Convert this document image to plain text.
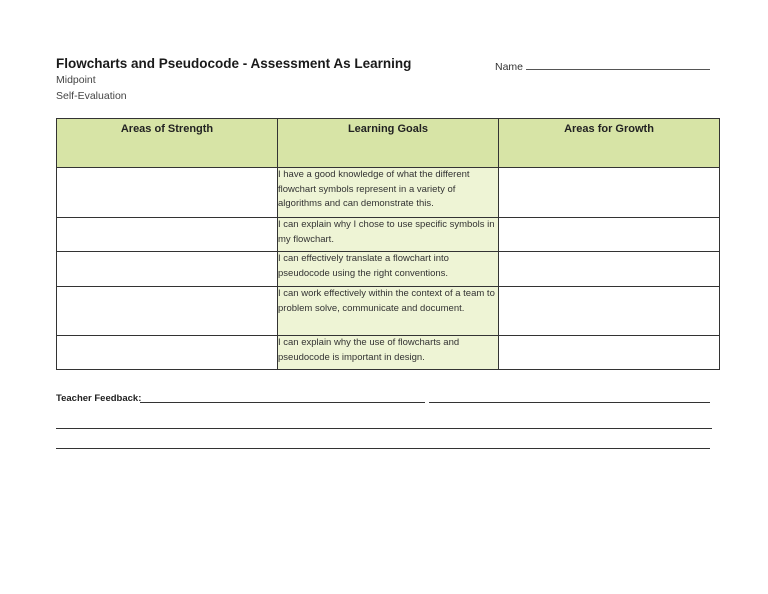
Flowcharts and Pseudocode - Assessment As Learning	Name
Midpoint
Self-Evaluation
Areas of Strength	Learning Goals	Areas for Growth
	I have a good knowledge of what the different flowchart symbols represent in a variety of algorithms and can demonstrate this.	
	I can explain why I chose to use specific symbols in my flowchart.	
	I can effectively translate a flowchart into pseudocode using the right conventions.	
	I can work effectively within the context of a team to problem solve, communicate and document.	
	I can explain why the use of flowcharts and pseudocode is important in design.	
Teacher Feedback:
